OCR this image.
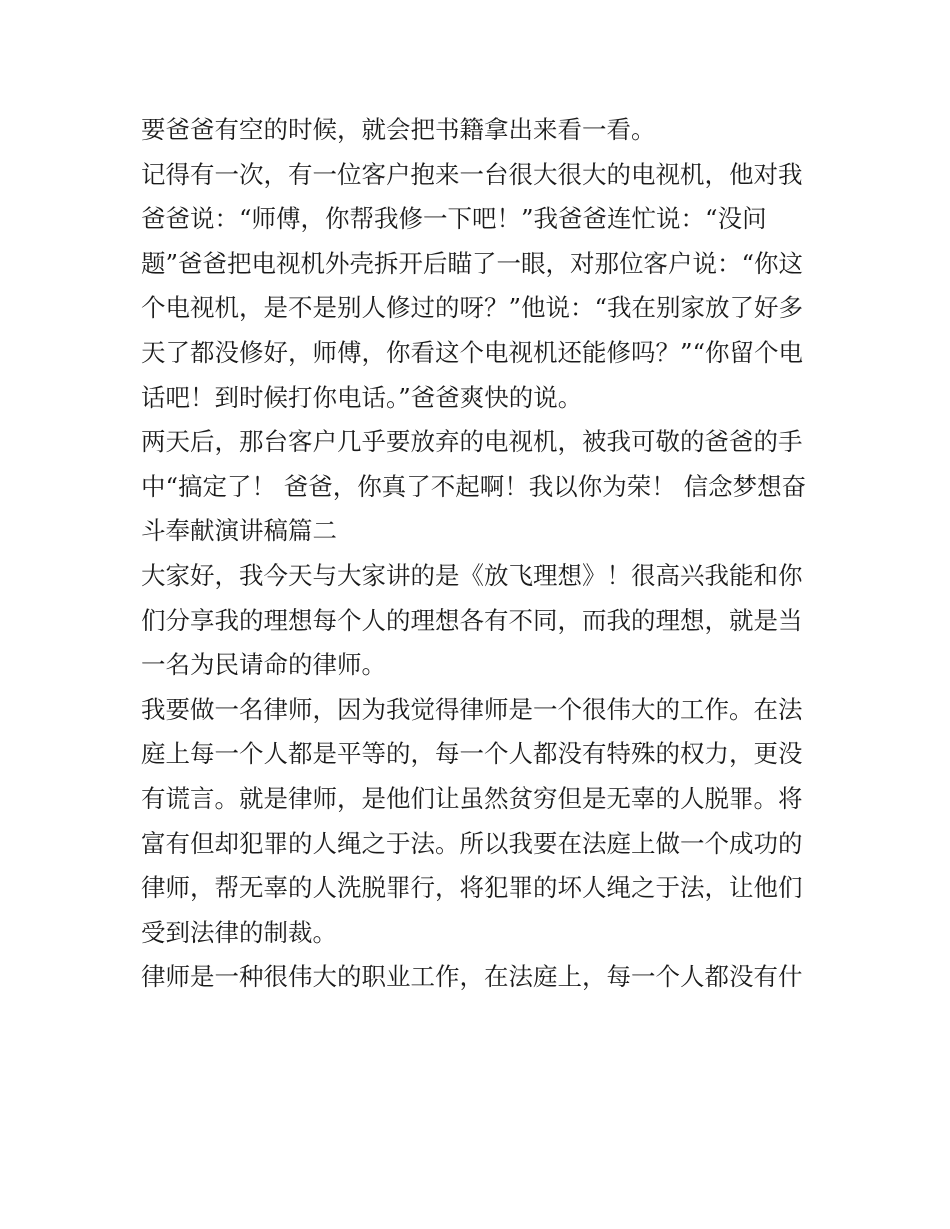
要爸爸有空的时候，就会把书籍拿出来看一看。
记得有一次，有一位客户抱来一台很大很大的电视机，他对我
爸爸说：“师傅，你帮我修一下吧！”我爸爸连忙说：“没问
题”爸爸把电视机外壳拆开后瞄了一眼，对那位客户说：“你这
个电视机，是不是别人修过的呀？”他说：“我在别家放了好多
天了都没修好，师傅，你看这个电视机还能修吗？”“你留个电
话吧！到时候打你电话。”爸爸爽快的说。
两天后，那台客户几乎要放弃的电视机，被我可敬的爸爸的手
中“搞定了！ 爸爸，你真了不起啊！我以你为荣！ 信念梦想奋
斗奉献演讲稿篇二
大家好，我今天与大家讲的是《放飞理想》！很高兴我能和你
们分享我的理想每个人的理想各有不同，而我的理想，就是当
一名为民请命的律师。
我要做一名律师，因为我觉得律师是一个很伟大的工作。在法
庭上每一个人都是平等的，每一个人都没有特殊的权力，更没
有谎言。就是律师，是他们让虽然贫穷但是无辜的人脱罪。将
富有但却犯罪的人绳之于法。所以我要在法庭上做一个成功的
律师，帮无辜的人洗脱罪行，将犯罪的坏人绳之于法，让他们
受到法律的制裁。
律师是一种很伟大的职业工作，在法庭上，每一个人都没有什
